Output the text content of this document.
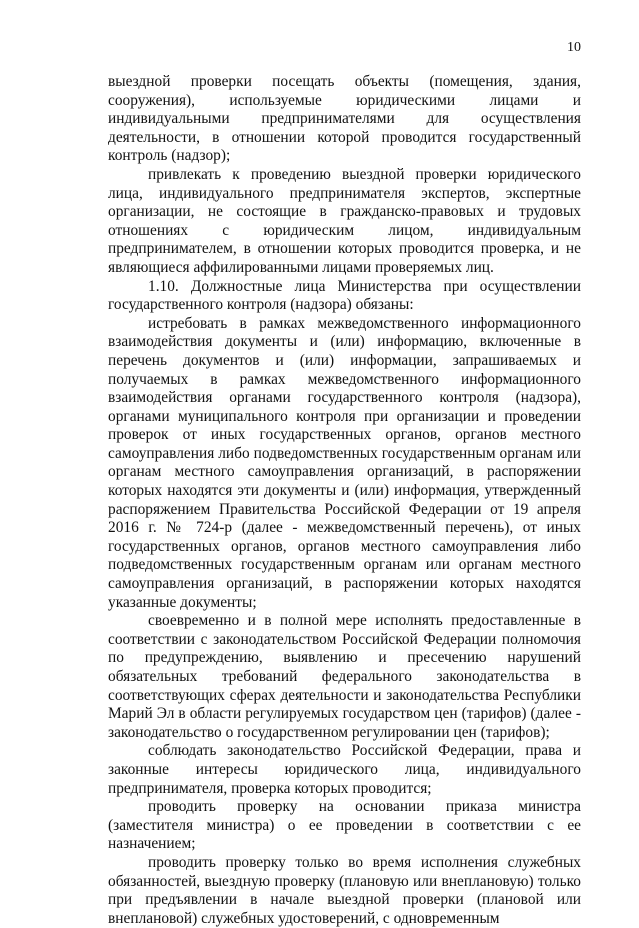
10

выездной проверки посещать объекты (помещения, здания, сооружения), используемые юридическими лицами и индивидуальными предпринимателями для осуществления деятельности, в отношении которой проводится государственный контроль (надзор);

привлекать к проведению выездной проверки юридического лица, индивидуального предпринимателя экспертов, экспертные организации, не состоящие в гражданско-правовых и трудовых отношениях с юридическим лицом, индивидуальным предпринимателем, в отношении которых проводится проверка, и не являющиеся аффилированными лицами проверяемых лиц.

1.10. Должностные лица Министерства при осуществлении государственного контроля (надзора) обязаны:

истребовать в рамках межведомственного информационного взаимодействия документы и (или) информацию, включенные в перечень документов и (или) информации, запрашиваемых и получаемых в рамках межведомственного информационного взаимодействия органами государственного контроля (надзора), органами муниципального контроля при организации и проведении проверок от иных государственных органов, органов местного самоуправления либо подведомственных государственным органам или органам местного самоуправления организаций, в распоряжении которых находятся эти документы и (или) информация, утвержденный распоряжением Правительства Российской Федерации от 19 апреля 2016 г. № 724-р (далее - межведомственный перечень), от иных государственных органов, органов местного самоуправления либо подведомственных государственным органам или органам местного самоуправления организаций, в распоряжении которых находятся указанные документы;

своевременно и в полной мере исполнять предоставленные в соответствии с законодательством Российской Федерации полномочия по предупреждению, выявлению и пресечению нарушений обязательных требований федерального законодательства в соответствующих сферах деятельности и законодательства Республики Марий Эл в области регулируемых государством цен (тарифов) (далее - законодательство о государственном регулировании цен (тарифов);

соблюдать законодательство Российской Федерации, права и законные интересы юридического лица, индивидуального предпринимателя, проверка которых проводится;

проводить проверку на основании приказа министра (заместителя министра) о ее проведении в соответствии с ее назначением;

проводить проверку только во время исполнения служебных обязанностей, выездную проверку (плановую или внеплановую) только при предъявлении в начале выездной проверки (плановой или внеплановой) служебных удостоверений, с одновременным
